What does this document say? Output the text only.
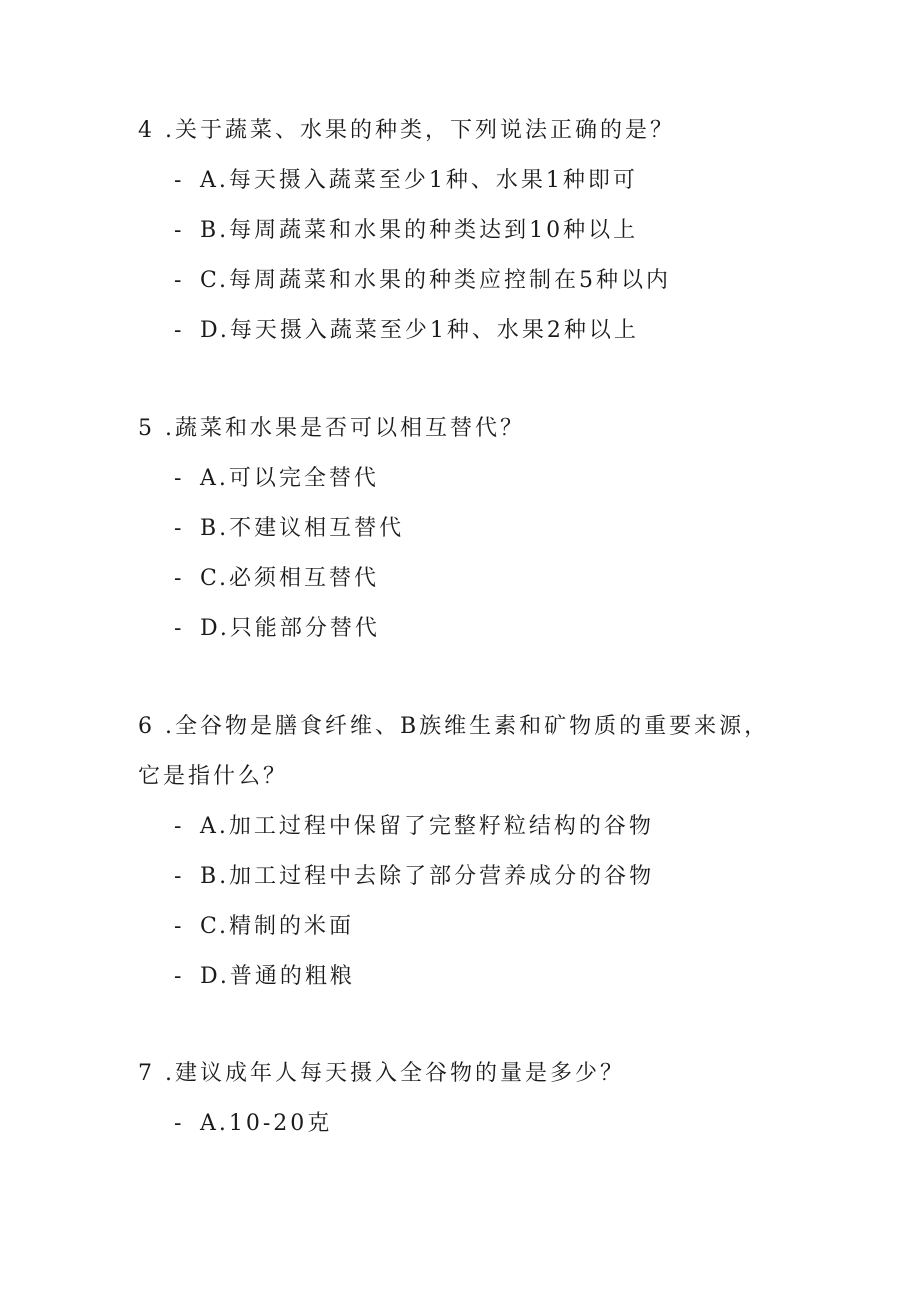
4 .关于蔬菜、水果的种类，下列说法正确的是？
- A.每天摄入蔬菜至少1种、水果1种即可
- B.每周蔬菜和水果的种类达到10种以上
- C.每周蔬菜和水果的种类应控制在5种以内
- D.每天摄入蔬菜至少1种、水果2种以上
5 .蔬菜和水果是否可以相互替代？
- A.可以完全替代
- B.不建议相互替代
- C.必须相互替代
- D.只能部分替代
6 .全谷物是膳食纤维、B族维生素和矿物质的重要来源，它是指什么？
- A.加工过程中保留了完整籽粒结构的谷物
- B.加工过程中去除了部分营养成分的谷物
- C.精制的米面
- D.普通的粗粮
7 .建议成年人每天摄入全谷物的量是多少？
- A.10-20克
